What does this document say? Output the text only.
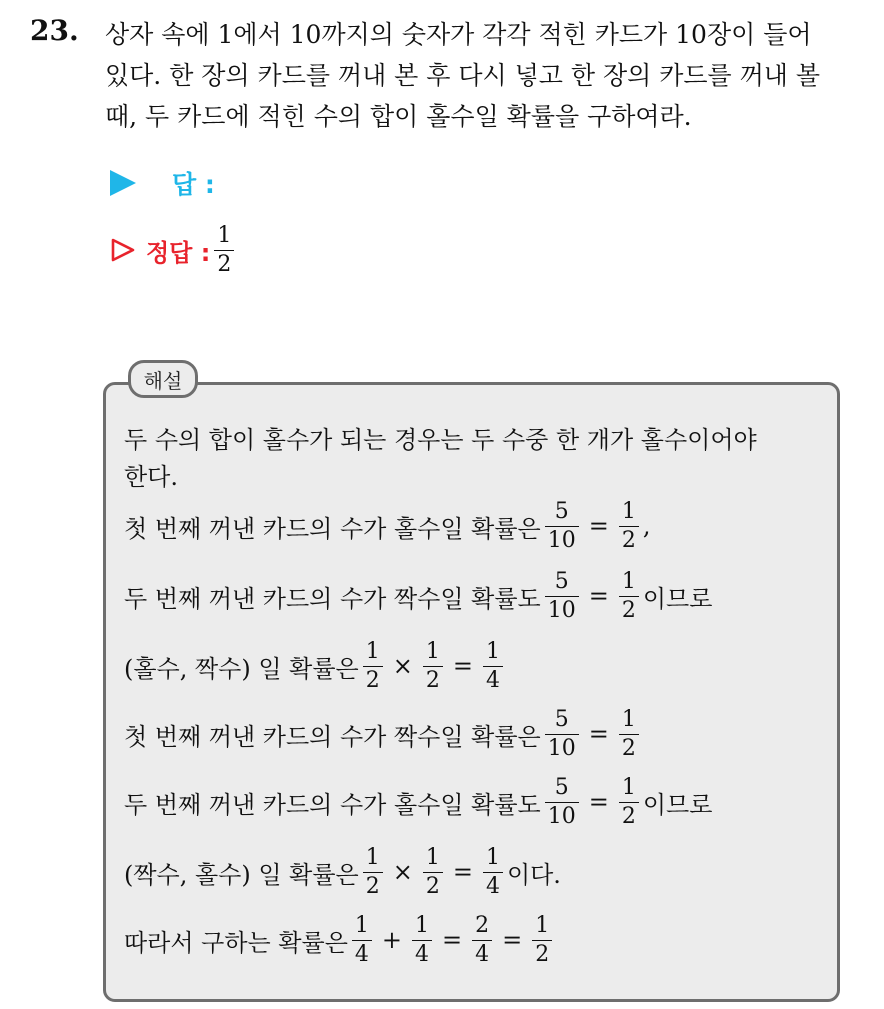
23. 상자 속에 1에서 10까지의 숫자가 각각 적힌 카드가 10장이 들어
있다. 한 장의 카드를 꺼내 본 후 다시 넣고 한 장의 카드를 꺼내 볼
때, 두 카드에 적힌 수의 합이 홀수일 확률을 구하여라.
답 :
정답 : $\frac{1}{2}$
해설
두 수의 합이 홀수가 되는 경우는 두 수중 한 개가 홀수이어야
한다.
첫 번째 꺼낸 카드의 수가 홀수일 확률은 $\frac{5}{10} = \frac{1}{2}$ ,
두 번째 꺼낸 카드의 수가 짝수일 확률도 $\frac{5}{10} = \frac{1}{2}$ 이므로
(홀수, 짝수) 일 확률은 $\frac{1}{2} \times \frac{1}{2} = \frac{1}{4}$
첫 번째 꺼낸 카드의 수가 짝수일 확률은 $\frac{5}{10} = \frac{1}{2}$
두 번째 꺼낸 카드의 수가 홀수일 확률도 $\frac{5}{10} = \frac{1}{2}$ 이므로
(짝수, 홀수) 일 확률은 $\frac{1}{2} \times \frac{1}{2} = \frac{1}{4}$ 이다.
따라서 구하는 확률은 $\frac{1}{4} + \frac{1}{4} = \frac{2}{4} = \frac{1}{2}$
